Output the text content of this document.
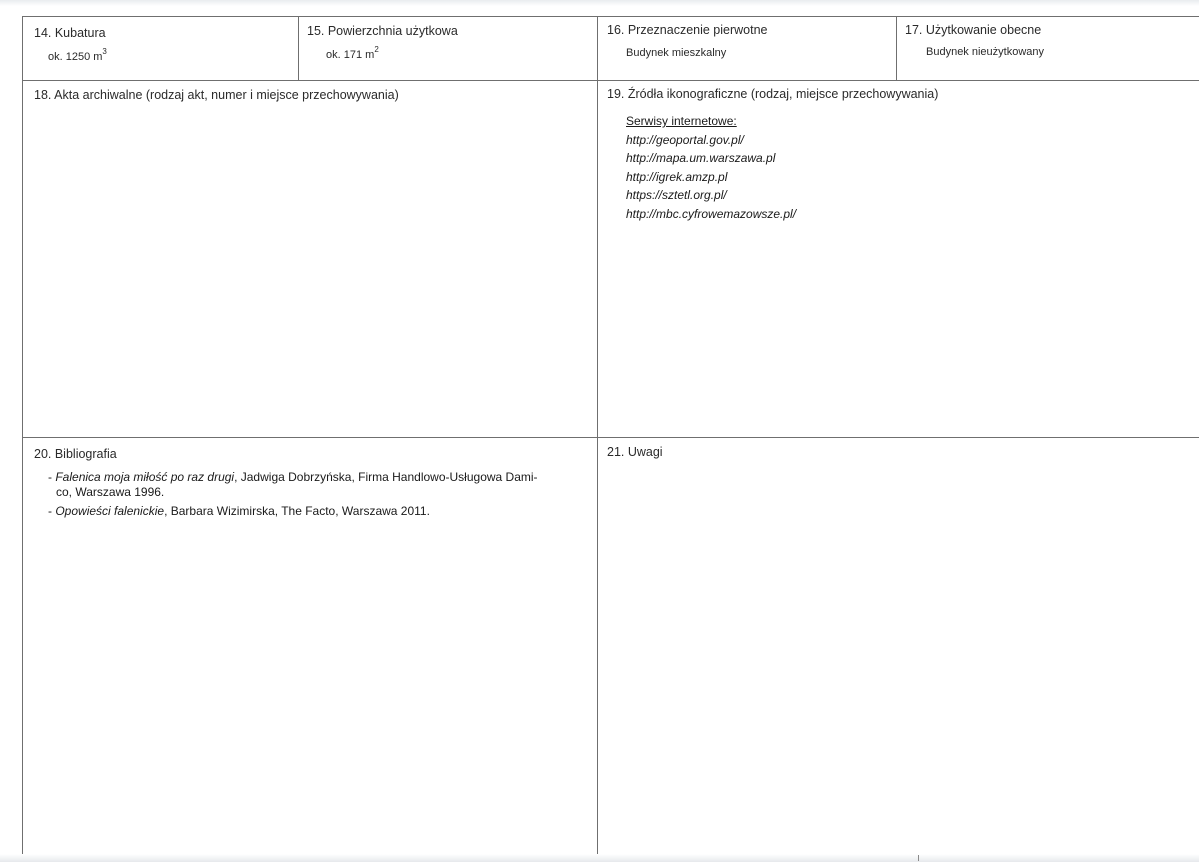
14. Kubatura
ok. 1250 $m^3$
15. Powierzchnia użytkowa
ok. 171 $m^2$
16. Przeznaczenie pierwotne
Budynek mieszkalny
17. Użytkowanie obecne
Budynek nieużytkowany
18. Akta archiwalne (rodzaj akt, numer i miejsce przechowywania)	19. Źródła ikonograficzne (rodzaj, miejsce przechowywania)
Serwisy internetowe:
http://geoportal.gov.pl/
http://mapa.um.warszawa.pl
http://igrek.amzp.pl
https://sztetl.org.pl/
http://mbc.cyfrowemazowsze.pl/
20. Bibliografia
- Falenica moja miłość po raz drugi, Jadwiga Dobrzyńska, Firma Handlowo-Usługowa Dami-
co, Warszawa 1996.
- Opowieści falenickie, Barbara Wizimirska, The Facto, Warszawa 2011.
21. Uwagi
